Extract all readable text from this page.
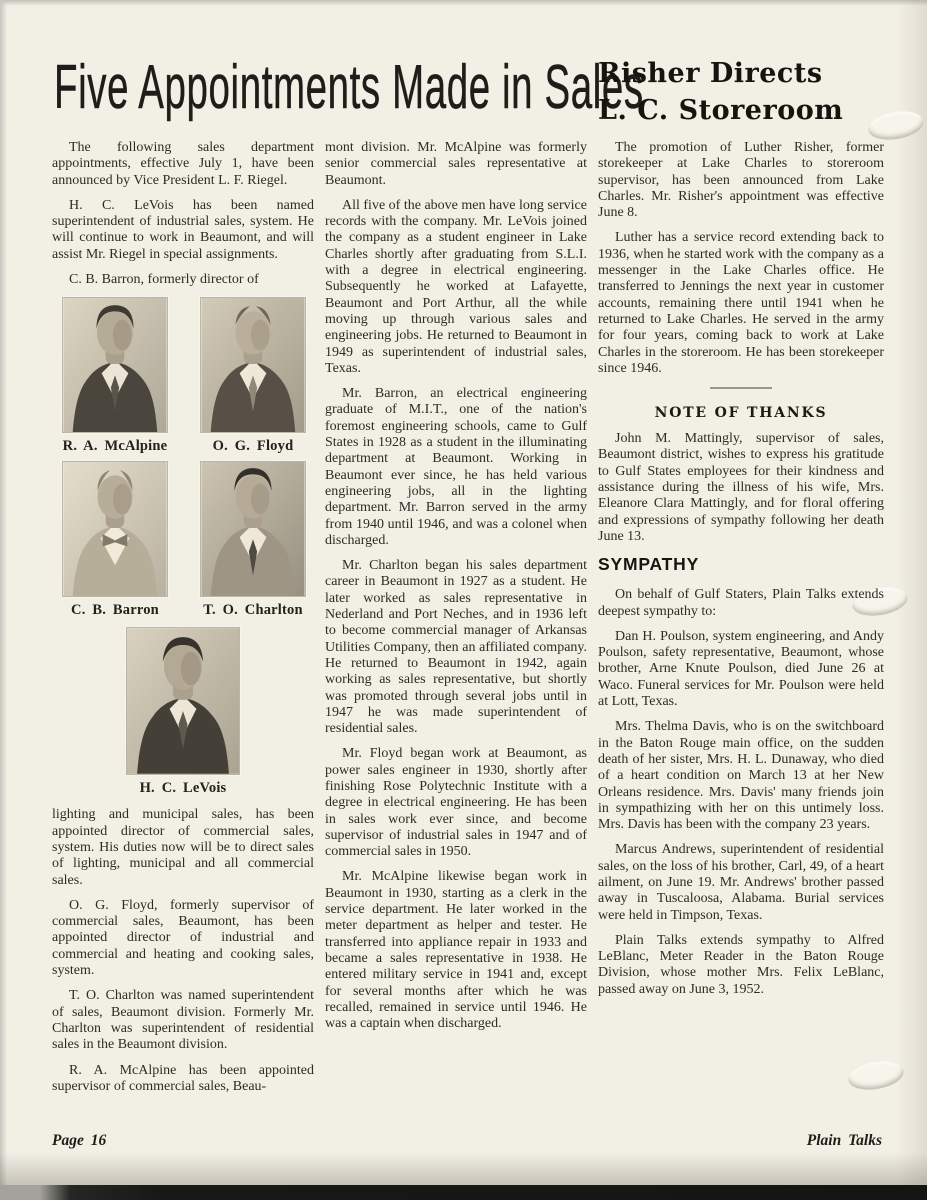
Five Appointments Made in Sales
Risher Directs
L. C. Storeroom

The following sales department appointments, effective July 1, have been announced by Vice President L. F. Riegel.

H. C. LeVois has been named superintendent of industrial sales, system. He will continue to work in Beaumont, and will assist Mr. Riegel in special assignments.

C. B. Barron, formerly director of

R. A. McAlpine	O. G. Floyd
C. B. Barron	T. O. Charlton
H. C. LeVois

lighting and municipal sales, has been appointed director of commercial sales, system. His duties now will be to direct sales of lighting, municipal and all commercial sales.

O. G. Floyd, formerly supervisor of commercial sales, Beaumont, has been appointed director of industrial and commercial and heating and cooking sales, system.

T. O. Charlton was named superintendent of sales, Beaumont division. Formerly Mr. Charlton was superintendent of residential sales in the Beaumont division.

R. A. McAlpine has been appointed supervisor of commercial sales, Beau-

mont division. Mr. McAlpine was formerly senior commercial sales representative at Beaumont.

All five of the above men have long service records with the company. Mr. LeVois joined the company as a student engineer in Lake Charles shortly after graduating from S.L.I. with a degree in electrical engineering. Subsequently he worked at Lafayette, Beaumont and Port Arthur, all the while moving up through various sales and engineering jobs. He returned to Beaumont in 1949 as superintendent of industrial sales, Texas.

Mr. Barron, an electrical engineering graduate of M.I.T., one of the nation's foremost engineering schools, came to Gulf States in 1928 as a student in the illuminating department at Beaumont. Working in Beaumont ever since, he has held various engineering jobs, all in the lighting department. Mr. Barron served in the army from 1940 until 1946, and was a colonel when discharged.

Mr. Charlton began his sales department career in Beaumont in 1927 as a student. He later worked as sales representative in Nederland and Port Neches, and in 1936 left to become commercial manager of Arkansas Utilities Company, then an affiliated company. He returned to Beaumont in 1942, again working as sales representative, but shortly was promoted through several jobs until in 1947 he was made superintendent of residential sales.

Mr. Floyd began work at Beaumont, as power sales engineer in 1930, shortly after finishing Rose Polytechnic Institute with a degree in electrical engineering. He has been in sales work ever since, and become supervisor of industrial sales in 1947 and of commercial sales in 1950.

Mr. McAlpine likewise began work in Beaumont in 1930, starting as a clerk in the service department. He later worked in the meter department as helper and tester. He transferred into appliance repair in 1933 and became a sales representative in 1938. He entered military service in 1941 and, except for several months after which he was recalled, remained in service until 1946. He was a captain when discharged.

The promotion of Luther Risher, former storekeeper at Lake Charles to storeroom supervisor, has been announced from Lake Charles. Mr. Risher's appointment was effective June 8.

Luther has a service record extending back to 1936, when he started work with the company as a messenger in the Lake Charles office. He transferred to Jennings the next year in customer accounts, remaining there until 1941 when he returned to Lake Charles. He served in the army for four years, coming back to work at Lake Charles in the storeroom. He has been storekeeper since 1946.

NOTE OF THANKS

John M. Mattingly, supervisor of sales, Beaumont district, wishes to express his gratitude to Gulf States employees for their kindness and assistance during the illness of his wife, Mrs. Eleanore Clara Mattingly, and for floral offering and expressions of sympathy following her death June 13.

SYMPATHY

On behalf of Gulf Staters, Plain Talks extends deepest sympathy to:

Dan H. Poulson, system engineering, and Andy Poulson, safety representative, Beaumont, whose brother, Arne Knute Poulson, died June 26 at Waco. Funeral services for Mr. Poulson were held at Lott, Texas.

Mrs. Thelma Davis, who is on the switchboard in the Baton Rouge main office, on the sudden death of her sister, Mrs. H. L. Dunaway, who died of a heart condition on March 13 at her New Orleans residence. Mrs. Davis' many friends join in sympathizing with her on this untimely loss. Mrs. Davis has been with the company 23 years.

Marcus Andrews, superintendent of residential sales, on the loss of his brother, Carl, 49, of a heart ailment, on June 19. Mr. Andrews' brother passed away in Tuscaloosa, Alabama. Burial services were held in Timpson, Texas.

Plain Talks extends sympathy to Alfred LeBlanc, Meter Reader in the Baton Rouge Division, whose mother Mrs. Felix LeBlanc, passed away on June 3, 1952.

Page 16	Plain Talks
